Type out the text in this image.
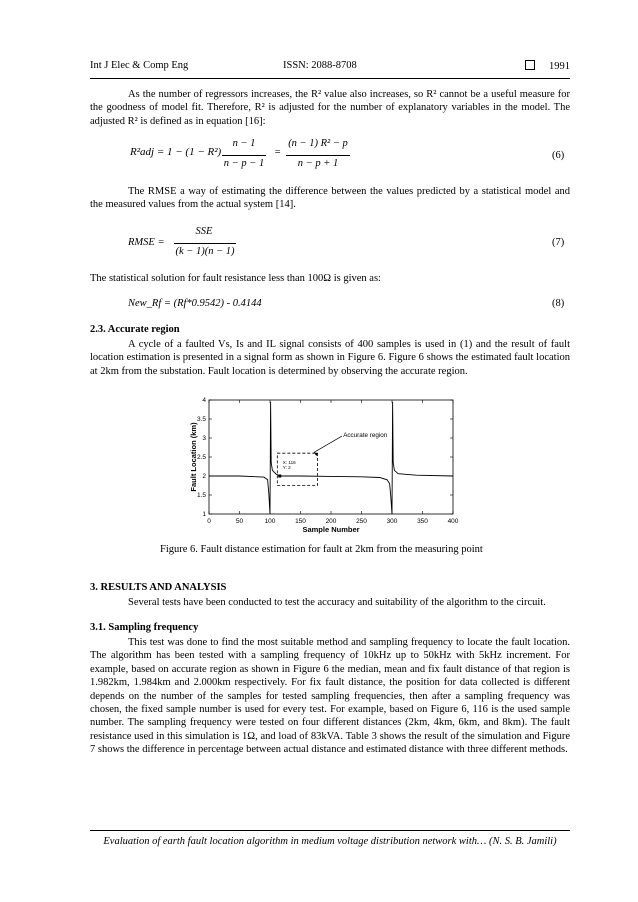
Int J Elec & Comp Eng	ISSN: 2088-8708	1991

As the number of regressors increases, the R² value also increases, so R² cannot be a useful measure for the goodness of model fit. Therefore, R² is adjusted for the number of explanatory variables in the model. The adjusted R² is defined as in equation [16]:

R²adj = 1 − (1 − R²)
n − 1
n − p − 1
=
(n − 1) R² − p
n − p + 1
(6)

The RMSE a way of estimating the difference between the values predicted by a statistical model and the measured values from the actual system [14].

RMSE =
SSE
(k − 1)(n − 1)
(7)

The statistical solution for fault resistance less than 100Ω is given as:

New_Rf = (Rf*0.9542) - 0.4144	(8)
2.3. Accurate region

A cycle of a faulted Vs, Is and IL signal consists of 400 samples is used in (1) and the result of fault location estimation is presented in a signal form as shown in Figure 6. Figure 6 shows the estimated fault location at 2km from the substation. Fault location is determined by observing the accurate region.

0	50	100	150	200	250	300	350	400
1
1.5
2
2.5
3
3.5
4
Sample Number
Fault Location (km)	X: 116
Y: 2
Accurate region
Figure 6. Fault distance estimation for fault at 2km from the measuring point
3. RESULTS AND ANALYSIS

Several tests have been conducted to test the accuracy and suitability of the algorithm to the circuit.

3.1. Sampling frequency

This test was done to find the most suitable method and sampling frequency to locate the fault location. The algorithm has been tested with a sampling frequency of 10kHz up to 50kHz with 5kHz increment. For example, based on accurate region as shown in Figure 6 the median, mean and fix fault distance of that region is 1.982km, 1.984km and 2.000km respectively. For fix fault distance, the position for data collected is different depends on the number of the samples for tested sampling frequencies, then after a sampling frequency was chosen, the fixed sample number is used for every test. For example, based on Figure 6, 116 is the used sample number. The sampling frequency were tested on four different distances (2km, 4km, 6km, and 8km). The fault resistance used in this simulation is 1Ω, and load of 83kVA. Table 3 shows the result of the simulation and Figure 7 shows the difference in percentage between actual distance and estimated distance with three different methods.

Evaluation of earth fault location algorithm in medium voltage distribution network with… (N. S. B. Jamili)
